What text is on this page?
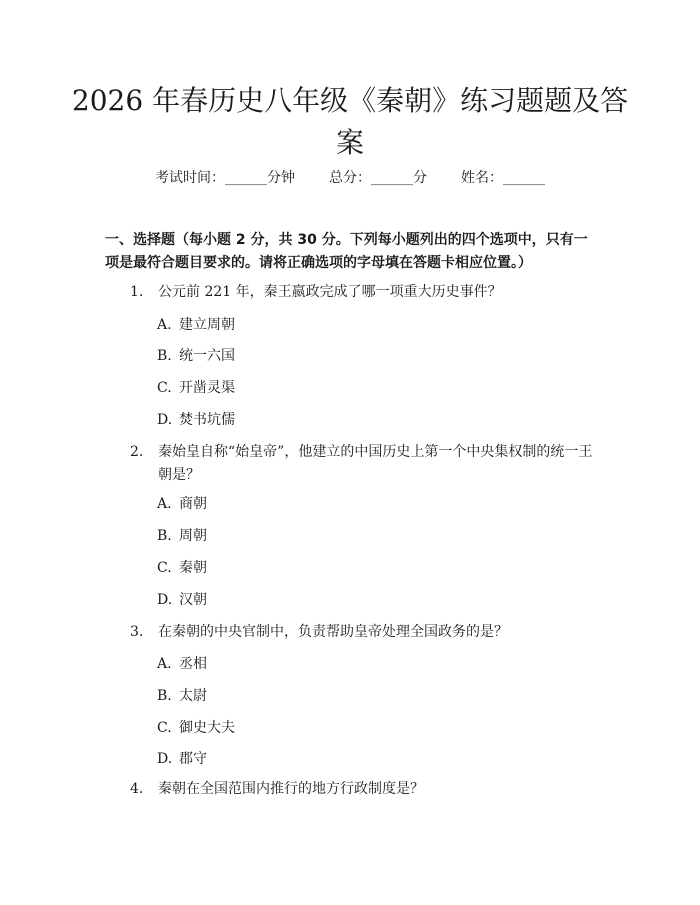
2026 年春历史八年级《秦朝》练习题题及答案
考试时间：______分钟 总分：______分 姓名：______

一、选择题（每小题 2 分，共 30 分。下列每小题列出的四个选项中，只有一项是最符合题目要求的。请将正确选项的字母填在答题卡相应位置。）

1.	公元前 221 年，秦王嬴政完成了哪一项重大历史事件？
A. 建立周朝
B. 统一六国
C. 开凿灵渠
D. 焚书坑儒
2.	秦始皇自称“始皇帝”，他建立的中国历史上第一个中央集权制的统一王朝是？
A. 商朝
B. 周朝
C. 秦朝
D. 汉朝
3.	在秦朝的中央官制中，负责帮助皇帝处理全国政务的是？
A. 丞相
B. 太尉
C. 御史大夫
D. 郡守
4.	秦朝在全国范围内推行的地方行政制度是？
